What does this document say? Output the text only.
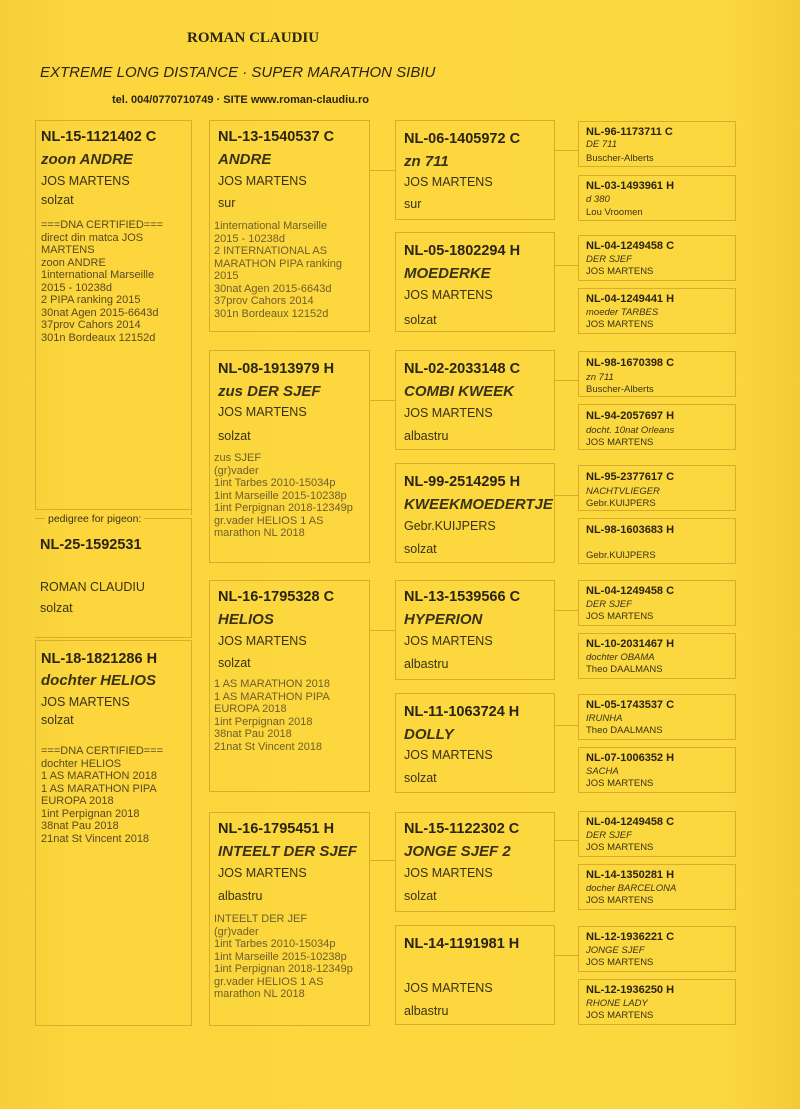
ROMAN CLAUDIU
EXTREME LONG DISTANCE · SUPER MARATHON SIBIU
tel. 004/0770710749 · SITE www.roman-claudiu.ro
NL-15-1121402 C
zoon ANDRE
JOS MARTENS
solzat
===DNA CERTIFIED===
direct din matca JOS
MARTENS
zoon ANDRE
1international Marseille
2015 - 10238d
2 PIPA ranking 2015
30nat Agen 2015-6643d
37prov Cahors 2014
301n Bordeaux 12152d
NL-25-1592531
ROMAN CLAUDIU
solzat
pedigree for pigeon:
NL-18-1821286 H
dochter HELIOS
JOS MARTENS
solzat
===DNA CERTIFIED===
dochter HELIOS
1 AS MARATHON 2018
1 AS MARATHON PIPA
EUROPA 2018
1int Perpignan 2018
38nat Pau 2018
21nat St Vincent 2018
NL-13-1540537 C
ANDRE
JOS MARTENS
sur
1international Marseille
2015 - 10238d
2 INTERNATIONAL AS
MARATHON PIPA ranking
2015
30nat Agen 2015-6643d
37prov Cahors 2014
301n Bordeaux 12152d
NL-08-1913979 H
zus DER SJEF
JOS MARTENS
solzat
zus SJEF
(gr)vader
1int Tarbes 2010-15034p
1int Marseille 2015-10238p
1int Perpignan 2018-12349p
gr.vader HELIOS 1 AS
marathon NL 2018
NL-16-1795328 C
HELIOS
JOS MARTENS
solzat
1 AS MARATHON 2018
1 AS MARATHON PIPA
EUROPA 2018
1int Perpignan 2018
38nat Pau 2018
21nat St Vincent 2018
NL-16-1795451 H
INTEELT DER SJEF
JOS MARTENS
albastru
INTEELT DER JEF
(gr)vader
1int Tarbes 2010-15034p
1int Marseille 2015-10238p
1int Perpignan 2018-12349p
gr.vader HELIOS 1 AS
marathon NL 2018
NL-06-1405972 C
zn 711
JOS MARTENS
sur
NL-05-1802294 H
MOEDERKE
JOS MARTENS
solzat
NL-02-2033148 C
COMBI KWEEK
JOS MARTENS
albastru
NL-99-2514295 H
KWEEKMOEDERTJE
Gebr.KUIJPERS
solzat
NL-13-1539566 C
HYPERION
JOS MARTENS
albastru
NL-11-1063724 H
DOLLY
JOS MARTENS
solzat
NL-15-1122302 C
JONGE SJEF 2
JOS MARTENS
solzat
NL-14-1191981 H
JOS MARTENS
albastru
NL-96-1173711 C
DE 711
Buscher-Alberts
NL-03-1493961 H
d 380
Lou Vroomen
NL-04-1249458 C
DER SJEF
JOS MARTENS
NL-04-1249441 H
moeder TARBES
JOS MARTENS
NL-98-1670398 C
zn 711
Buscher-Alberts
NL-94-2057697 H
docht. 10nat Orleans
JOS MARTENS
NL-95-2377617 C
NACHTVLIEGER
Gebr.KUIJPERS
NL-98-1603683 H
Gebr.KUIJPERS
NL-04-1249458 C
DER SJEF
JOS MARTENS
NL-10-2031467 H
dochter OBAMA
Theo DAALMANS
NL-05-1743537 C
IRUNHA
Theo DAALMANS
NL-07-1006352 H
SACHA
JOS MARTENS
NL-04-1249458 C
DER SJEF
JOS MARTENS
NL-14-1350281 H
docher BARCELONA
JOS MARTENS
NL-12-1936221 C
JONGE SJEF
JOS MARTENS
NL-12-1936250 H
RHONE LADY
JOS MARTENS
